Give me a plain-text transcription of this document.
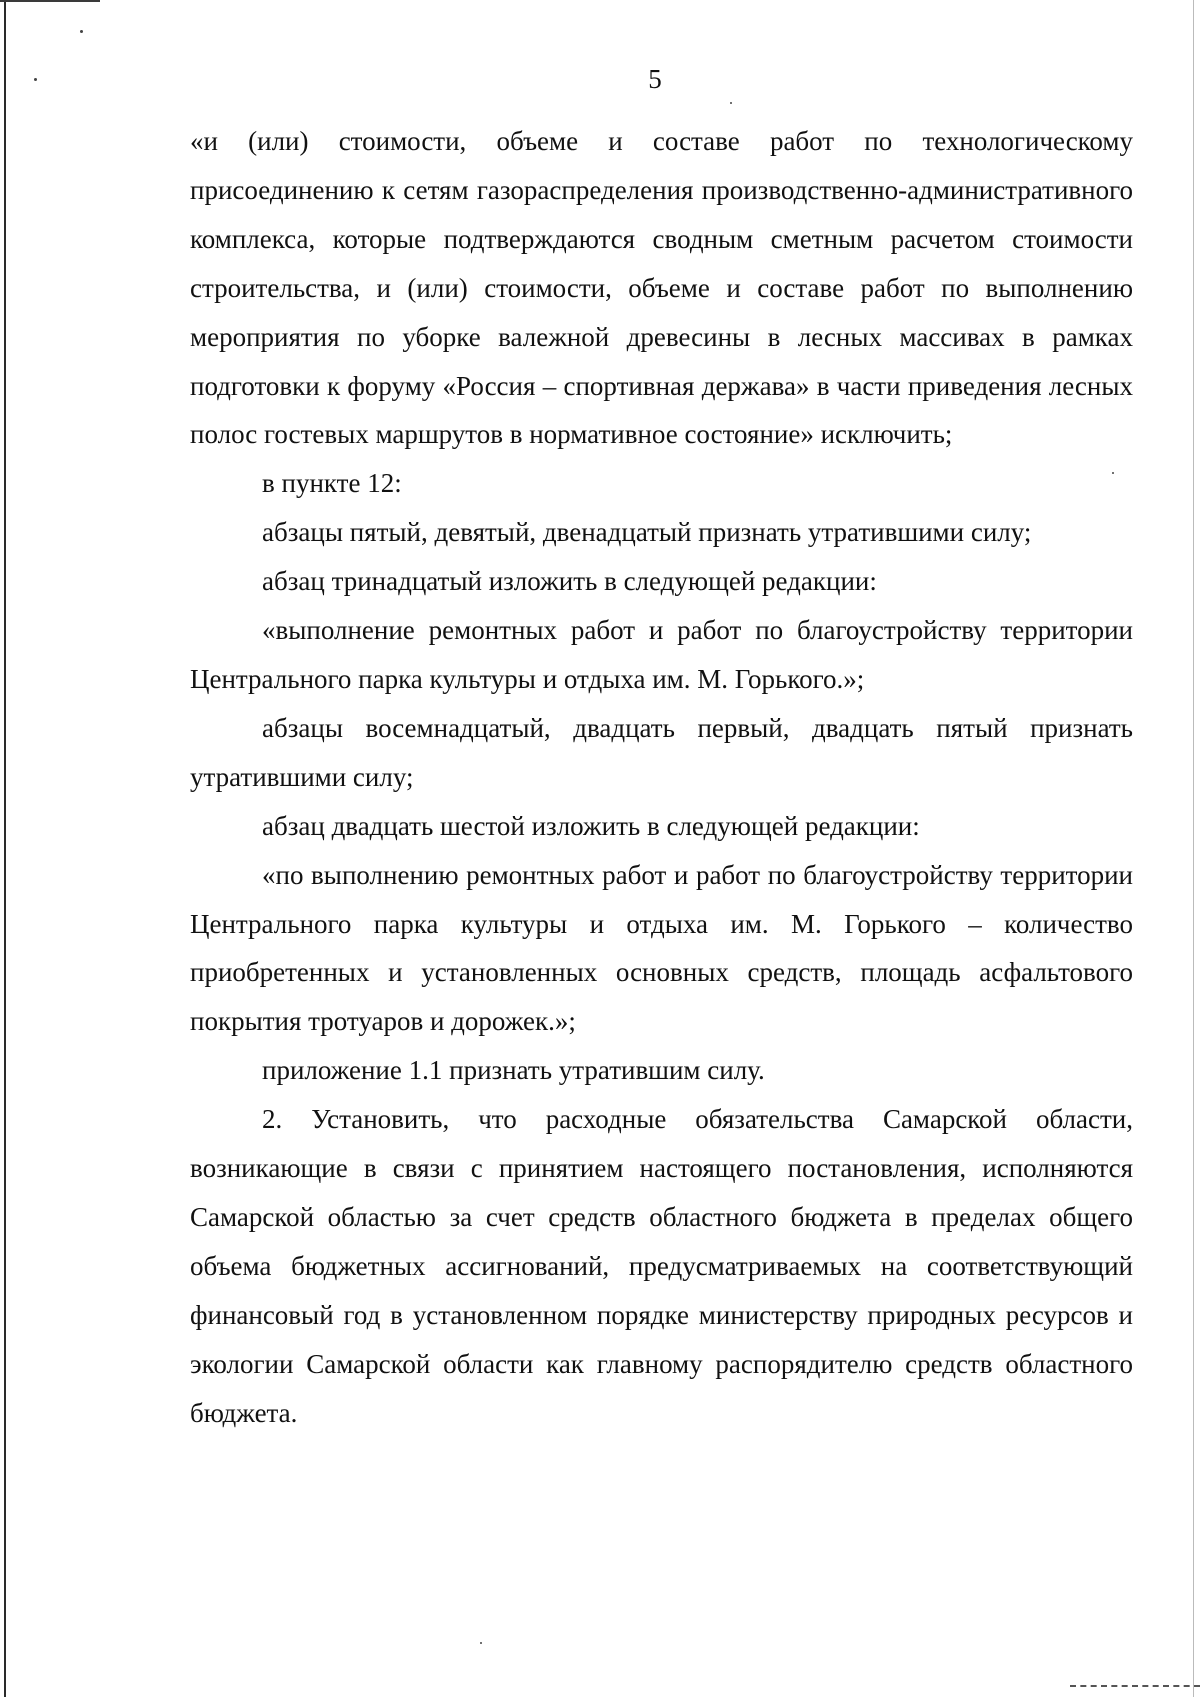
5

«и (или) стоимости, объеме и составе работ по технологическому присоединению к сетям газораспределения производственно-административного комплекса, которые подтверждаются сводным сметным расчетом стоимости строительства, и (или) стоимости, объеме и составе работ по выполнению мероприятия по уборке валежной древесины в лесных массивах в рамках подготовки к форуму «Россия – спортивная держава» в части приведения лесных полос гостевых маршрутов в нормативное состояние» исключить;

в пункте 12:

абзацы пятый, девятый, двенадцатый признать утратившими силу;

абзац тринадцатый изложить в следующей редакции:

«выполнение ремонтных работ и работ по благоустройству территории Центрального парка культуры и отдыха им. М. Горького.»;

абзацы восемнадцатый, двадцать первый, двадцать пятый признать утратившими силу;

абзац двадцать шестой изложить в следующей редакции:

«по выполнению ремонтных работ и работ по благоустройству территории Центрального парка культуры и отдыха им. М. Горького – количество приобретенных и установленных основных средств, площадь асфальтового покрытия тротуаров и дорожек.»;

приложение 1.1 признать утратившим силу.

2. Установить, что расходные обязательства Самарской области, возникающие в связи с принятием настоящего постановления, исполняются Самарской областью за счет средств областного бюджета в пределах общего объема бюджетных ассигнований, предусматриваемых на соответствующий финансовый год в установленном порядке министерству природных ресурсов и экологии Самарской области как главному распорядителю средств областного бюджета.
